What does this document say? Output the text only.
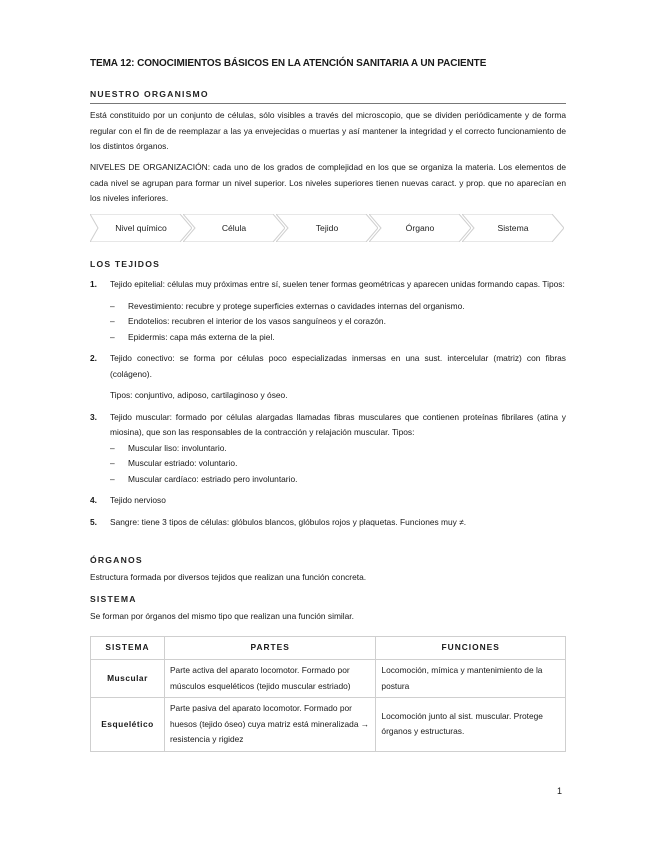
TEMA 12: CONOCIMIENTOS BÁSICOS EN LA ATENCIÓN SANITARIA A UN PACIENTE
NUESTRO ORGANISMO
Está constituido por un conjunto de células, sólo visibles a través del microscopio, que se dividen periódicamente y de forma regular con el fin de de reemplazar a las ya envejecidas o muertas y así mantener la integridad y el correcto funcionamiento de los distintos órganos.
NIVELES DE ORGANIZACIÓN: cada uno de los grados de complejidad en los que se organiza la materia. Los elementos de cada nivel se agrupan para formar un nivel superior. Los niveles superiores tienen nuevas caract. y prop. que no aparecían en los niveles inferiores.
Nivel químico	Célula	Tejido	Órgano	Sistema
LOS TEJIDOS
1. Tejido epitelial: células muy próximas entre sí, suelen tener formas geométricas y aparecen unidas formando capas. Tipos:
– Revestimiento: recubre y protege superficies externas o cavidades internas del organismo.
– Endotelios: recubren el interior de los vasos sanguíneos y el corazón.
– Epidermis: capa más externa de la piel.
2. Tejido conectivo: se forma por células poco especializadas inmersas en una sust. intercelular (matriz) con fibras (colágeno).
Tipos: conjuntivo, adiposo, cartilaginoso y óseo.
3. Tejido muscular: formado por células alargadas llamadas fibras musculares que contienen proteínas fibrilares (atina y miosina), que son las responsables de la contracción y relajación muscular. Tipos:
– Muscular liso: involuntario.
– Muscular estriado: voluntario.
– Muscular cardíaco: estriado pero involuntario.
4. Tejido nervioso
5. Sangre: tiene 3 tipos de células: glóbulos blancos, glóbulos rojos y plaquetas. Funciones muy ≠.
ÓRGANOS
Estructura formada por diversos tejidos que realizan una función concreta.
SISTEMA
Se forman por órganos del mismo tipo que realizan una función similar.
SISTEMA	PARTES	FUNCIONES
Muscular	Parte activa del aparato locomotor. Formado por músculos esqueléticos (tejido muscular estriado)	Locomoción, mímica y mantenimiento de la postura
Esquelético	Parte pasiva del aparato locomotor. Formado por huesos (tejido óseo) cuya matriz está mineralizada → resistencia y rigidez	Locomoción junto al sist. muscular. Protege órganos y estructuras.
1
